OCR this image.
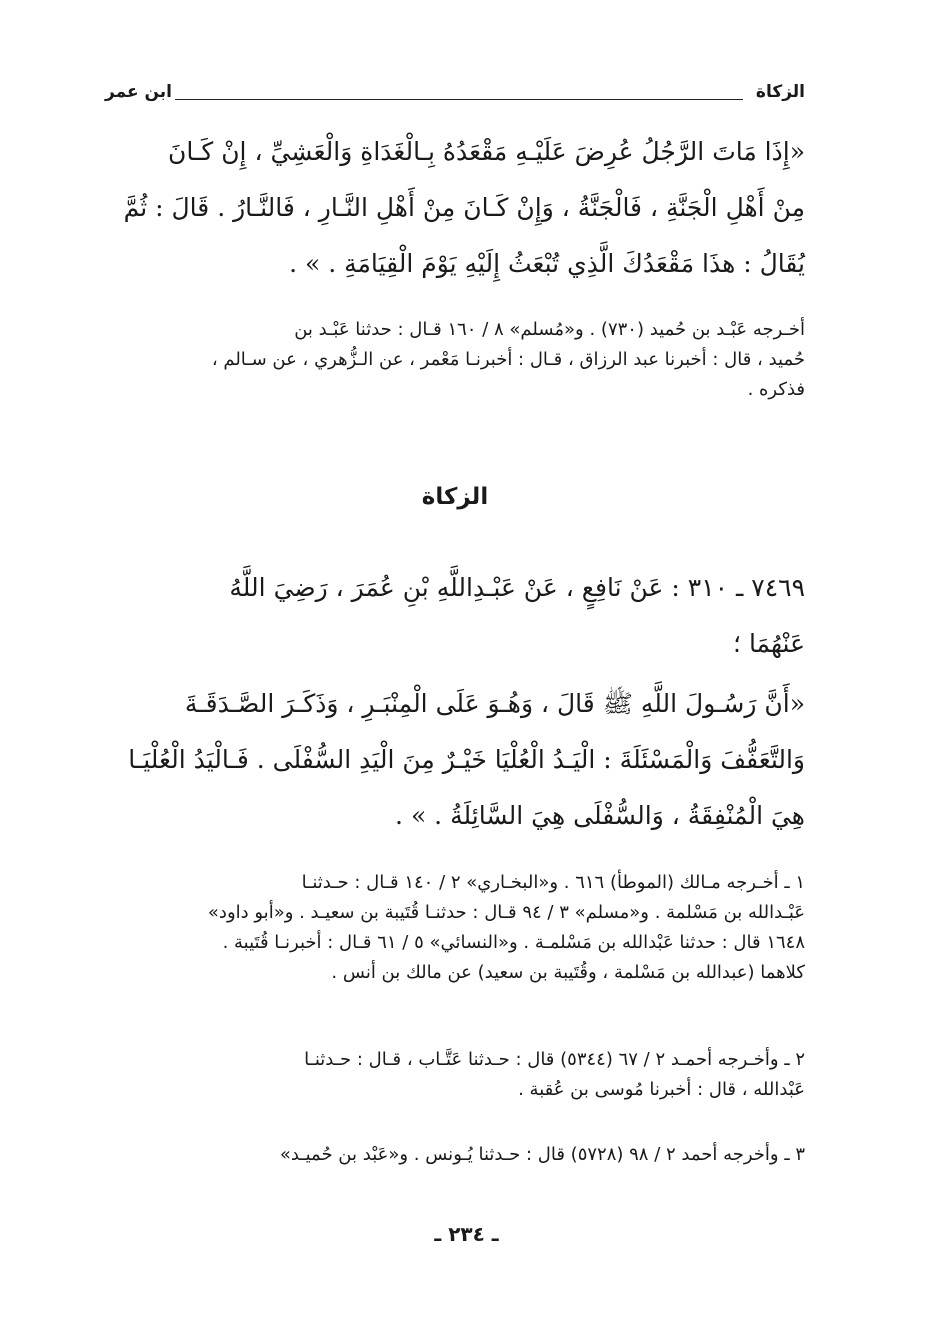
الزكاة
ابن عمر
«إِذَا مَاتَ الرَّجُلُ عُرِضَ عَلَيْـهِ مَقْعَدُهُ بِـالْغَدَاةِ وَالْعَشِيِّ ، إِنْ كَـانَ
مِنْ أَهْلِ الْجَنَّةِ ، فَالْجَنَّةُ ، وَإِنْ كَـانَ مِنْ أَهْلِ النَّـارِ ، فَالنَّـارُ . قَالَ : ثُمَّ
يُقَالُ : هذَا مَقْعَدُكَ الَّذِي تُبْعَثُ إِلَيْهِ يَوْمَ الْقِيَامَةِ . » .
أخـرجه عَبْـد بن حُميد (٧٣٠) . و«مُسلم» ٨ / ١٦٠ قـال : حدثنا عَبْـد بن
حُميد ، قال : أخبرنا عبد الرزاق ، قـال : أخبرنـا مَعْمر ، عن الـزُّهري ، عن سـالم ،
فذكره .
الزكاة
٧٤٦٩ ـ ٣١٠ : عَنْ نَافِعٍ ، عَنْ عَبْـدِاللَّهِ بْنِ عُمَرَ ، رَضِيَ اللَّهُ
عَنْهُمَا ؛
«أَنَّ رَسُـولَ اللَّهِ ﷺ قَالَ ، وَهُـوَ عَلَى الْمِنْبَـرِ ، وَذَكَـرَ الصَّـدَقَـةَ
وَالتَّعَفُّفَ وَالْمَسْئَلَةَ : الْيَـدُ الْعُلْيَا خَيْـرٌ مِنَ الْيَدِ السُّفْلَى . فَـالْيَدُ الْعُلْيَـا
هِيَ الْمُنْفِقَةُ ، وَالسُّفْلَى هِيَ السَّائِلَةُ . » .
١ ـ أخـرجه مـالك (الموطأ) ٦١٦ . و«البخـاري» ٢ / ١٤٠ قـال : حـدثنـا
عَبْـدالله بن مَسْلمة . و«مسلم» ٣ / ٩٤ قـال : حدثنـا قُتَيبة بن سعيـد . و«أبو داود»
١٦٤٨ قال : حدثنا عَبْدالله بن مَسْلمـة . و«النسائي» ٥ / ٦١ قـال : أخبرنـا قُتَيبة .
كلاهما (عبدالله بن مَسْلمة ، وقُتَيبة بن سعيد) عن مالك بن أنس .
٢ ـ وأخـرجه أحمـد ٢ / ٦٧ (٥٣٤٤) قال : حـدثنا عَتَّـاب ، قـال : حـدثنـا
عَبْدالله ، قال : أخبرنا مُوسى بن عُقبة .
٣ ـ وأخرجه أحمد ٢ / ٩٨ (٥٧٢٨) قال : حـدثنا يُـونس . و«عَبْد بن حُميـد»
ـ ٢٣٤ ـ
